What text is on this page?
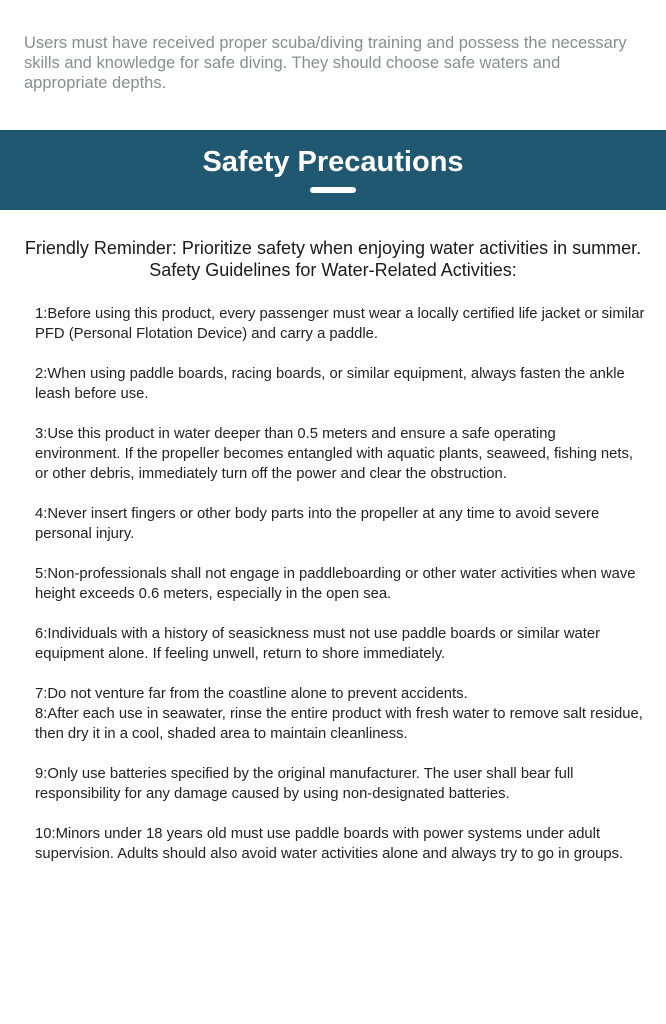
Users must have received proper scuba/diving training and possess the necessary skills and knowledge for safe diving. They should choose safe waters and appropriate depths.

Safety Precautions

Friendly Reminder: Prioritize safety when enjoying water activities in summer. Safety Guidelines for Water-Related Activities:

1:Before using this product, every passenger must wear a locally certified life jacket or similar PFD (Personal Flotation Device) and carry a paddle.
2:When using paddle boards, racing boards, or similar equipment, always fasten the ankle leash before use.
3:Use this product in water deeper than 0.5 meters and ensure a safe operating environment. If the propeller becomes entangled with aquatic plants, seaweed, fishing nets, or other debris, immediately turn off the power and clear the obstruction.
4:Never insert fingers or other body parts into the propeller at any time to avoid severe personal injury.
5:Non-professionals shall not engage in paddleboarding or other water activities when wave height exceeds 0.6 meters, especially in the open sea.
6:Individuals with a history of seasickness must not use paddle boards or similar water equipment alone. If feeling unwell, return to shore immediately.
7:Do not venture far from the coastline alone to prevent accidents.
8:After each use in seawater, rinse the entire product with fresh water to remove salt residue, then dry it in a cool, shaded area to maintain cleanliness.
9:Only use batteries specified by the original manufacturer. The user shall bear full responsibility for any damage caused by using non-designated batteries.
10:Minors under 18 years old must use paddle boards with power systems under adult supervision. Adults should also avoid water activities alone and always try to go in groups.
